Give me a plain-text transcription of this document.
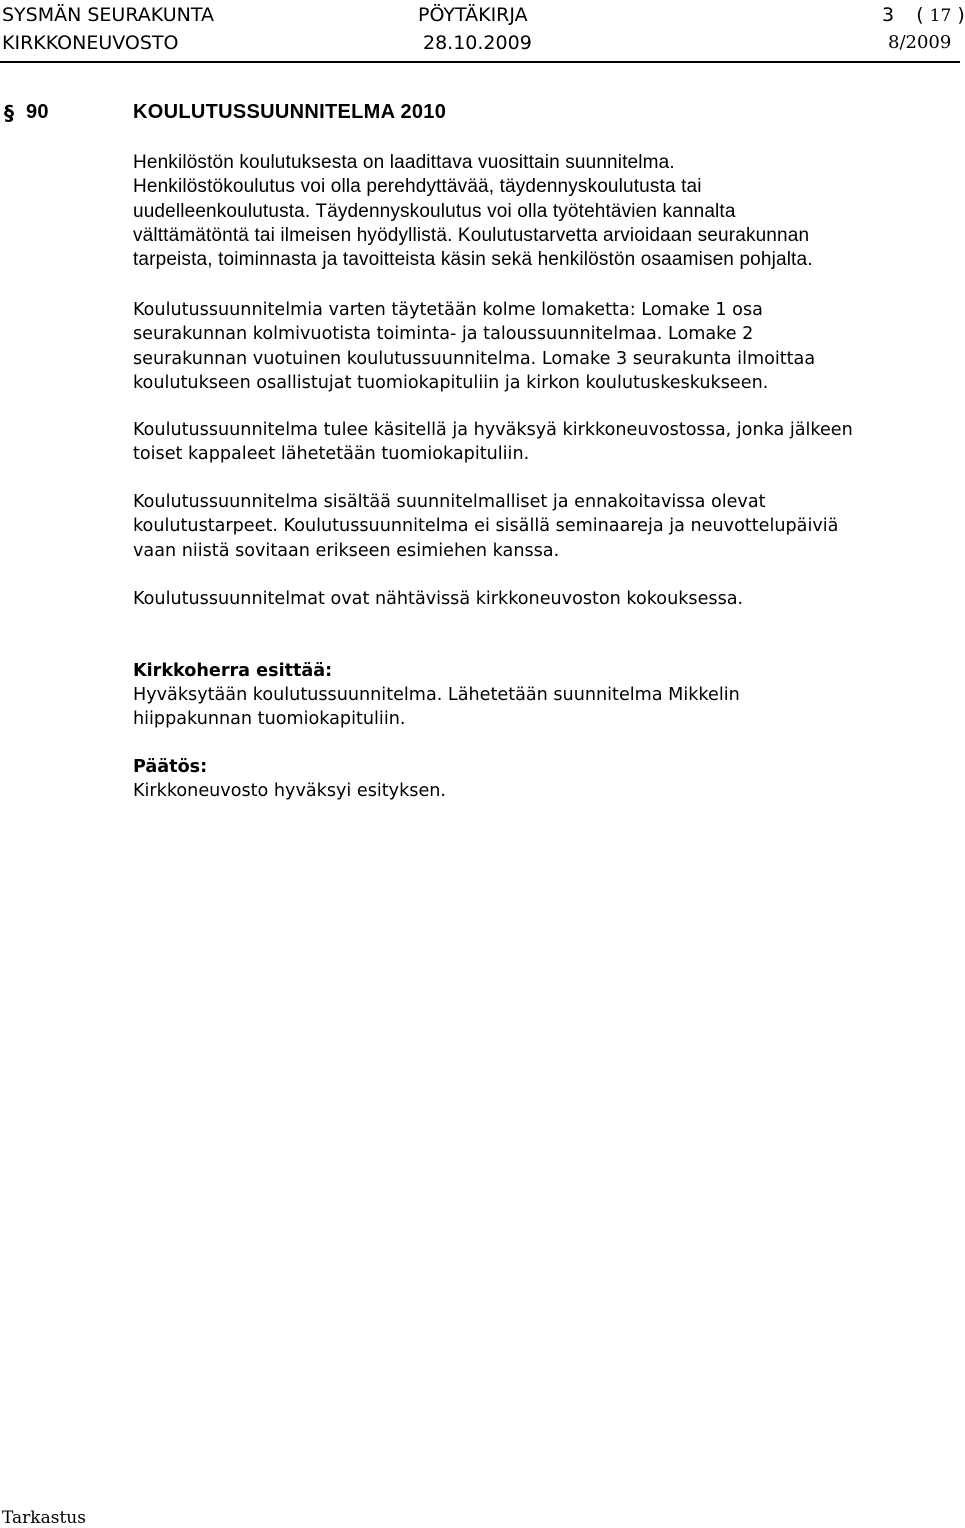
SYSMÄN SEURAKUNTA
KIRKKONEUVOSTO
PÖYTÄKIRJA
28.10.2009
3 ( 17 )
8/2009
§ 90	KOULUTUSSUUNNITELMA 2010
Henkilöstön koulutuksesta on laadittava vuosittain suunnitelma.
Henkilöstökoulutus voi olla perehdyttävää, täydennyskoulutusta tai
uudelleenkoulutusta. Täydennyskoulutus voi olla työtehtävien kannalta
välttämätöntä tai ilmeisen hyödyllistä. Koulutustarvetta arvioidaan seurakunnan
tarpeista, toiminnasta ja tavoitteista käsin sekä henkilöstön osaamisen pohjalta.
Koulutussuunnitelmia varten täytetään kolme lomaketta: Lomake 1 osa
seurakunnan kolmivuotista toiminta- ja taloussuunnitelmaa. Lomake 2
seurakunnan vuotuinen koulutussuunnitelma. Lomake 3 seurakunta ilmoittaa
koulutukseen osallistujat tuomiokapituliin ja kirkon koulutuskeskukseen.
Koulutussuunnitelma tulee käsitellä ja hyväksyä kirkkoneuvostossa, jonka jälkeen
toiset kappaleet lähetetään tuomiokapituliin.
Koulutussuunnitelma sisältää suunnitelmalliset ja ennakoitavissa olevat
koulutustarpeet. Koulutussuunnitelma ei sisällä seminaareja ja neuvottelupäiviä
vaan niistä sovitaan erikseen esimiehen kanssa.
Koulutussuunnitelmat ovat nähtävissä kirkkoneuvoston kokouksessa.
Kirkkoherra esittää:
Hyväksytään koulutussuunnitelma. Lähetetään suunnitelma Mikkelin
hiippakunnan tuomiokapituliin.
Päätös:
Kirkkoneuvosto hyväksyi esityksen.
Tarkastus
